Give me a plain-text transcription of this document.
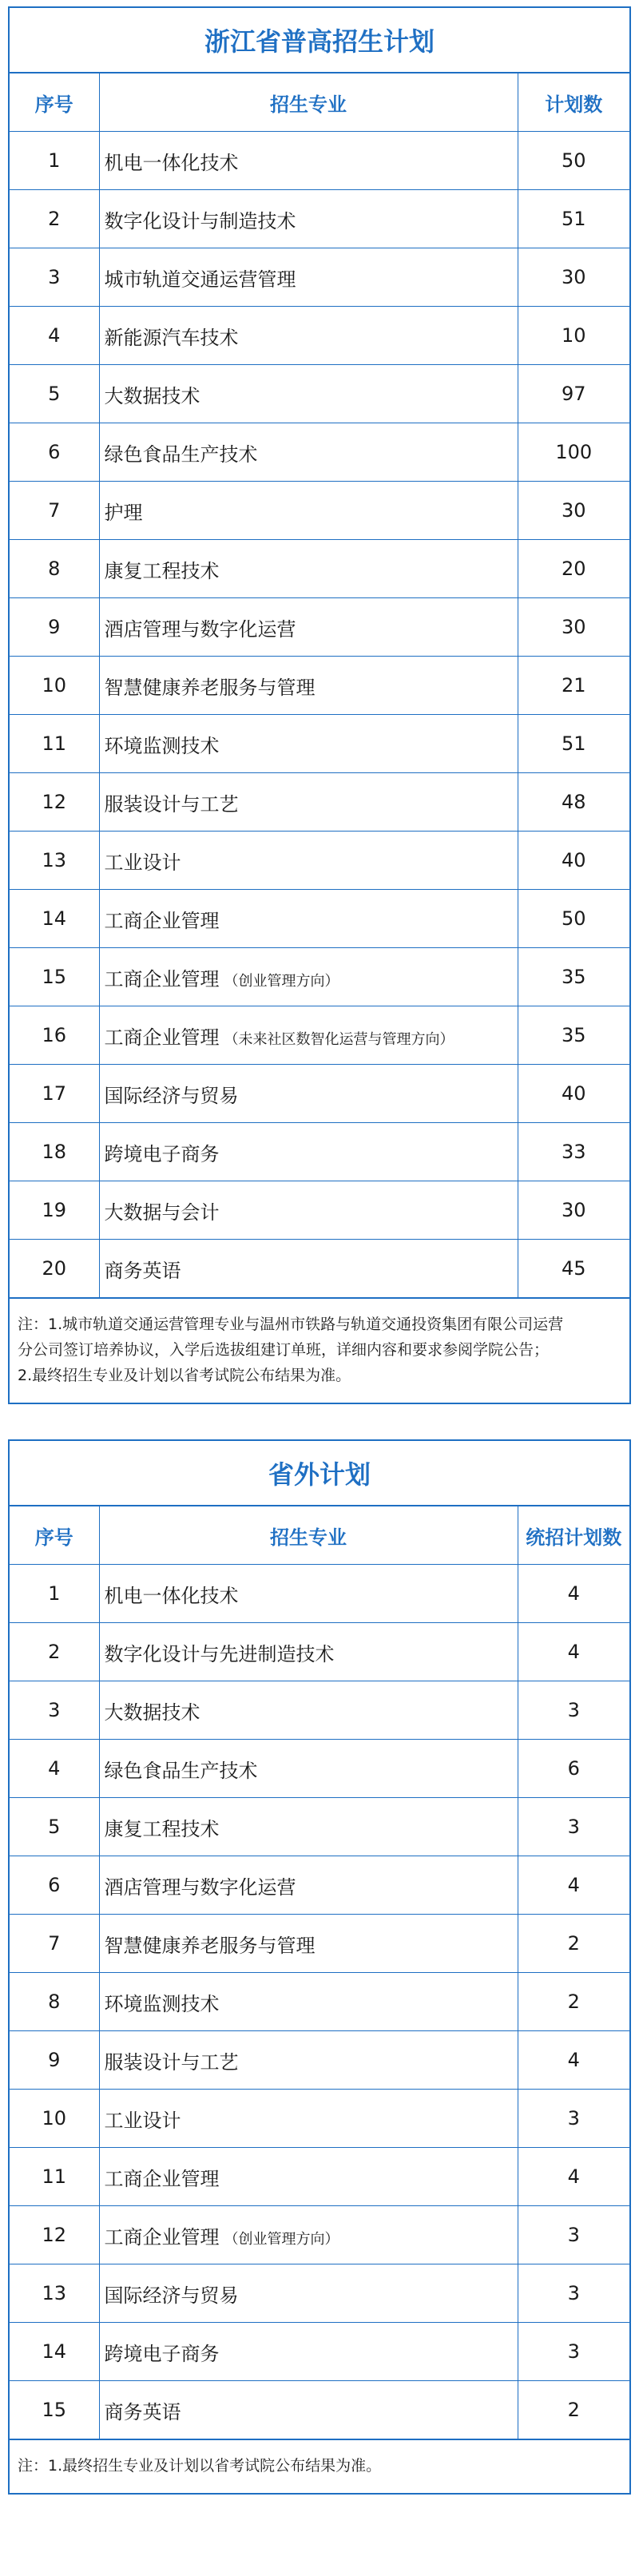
浙江省普高招生计划
序号	招生专业	计划数
1	机电一体化技术	50
2	数字化设计与制造技术	51
3	城市轨道交通运营管理	30
4	新能源汽车技术	10
5	大数据技术	97
6	绿色食品生产技术	100
7	护理	30
8	康复工程技术	20
9	酒店管理与数字化运营	30
10	智慧健康养老服务与管理	21
11	环境监测技术	51
12	服装设计与工艺	48
13	工业设计	40
14	工商企业管理	50
15	工商企业管理 （创业管理方向）	35
16	工商企业管理 （未来社区数智化运营与管理方向）	35
17	国际经济与贸易	40
18	跨境电子商务	33
19	大数据与会计	30
20	商务英语	45
注：1.城市轨道交通运营管理专业与温州市铁路与轨道交通投资集团有限公司运营
分公司签订培养协议，入学后选拔组建订单班，详细内容和要求参阅学院公告；
2.最终招生专业及计划以省考试院公布结果为准。
省外计划
序号	招生专业	统招计划数
1	机电一体化技术	4
2	数字化设计与先进制造技术	4
3	大数据技术	3
4	绿色食品生产技术	6
5	康复工程技术	3
6	酒店管理与数字化运营	4
7	智慧健康养老服务与管理	2
8	环境监测技术	2
9	服装设计与工艺	4
10	工业设计	3
11	工商企业管理	4
12	工商企业管理 （创业管理方向）	3
13	国际经济与贸易	3
14	跨境电子商务	3
15	商务英语	2
注：1.最终招生专业及计划以省考试院公布结果为准。
